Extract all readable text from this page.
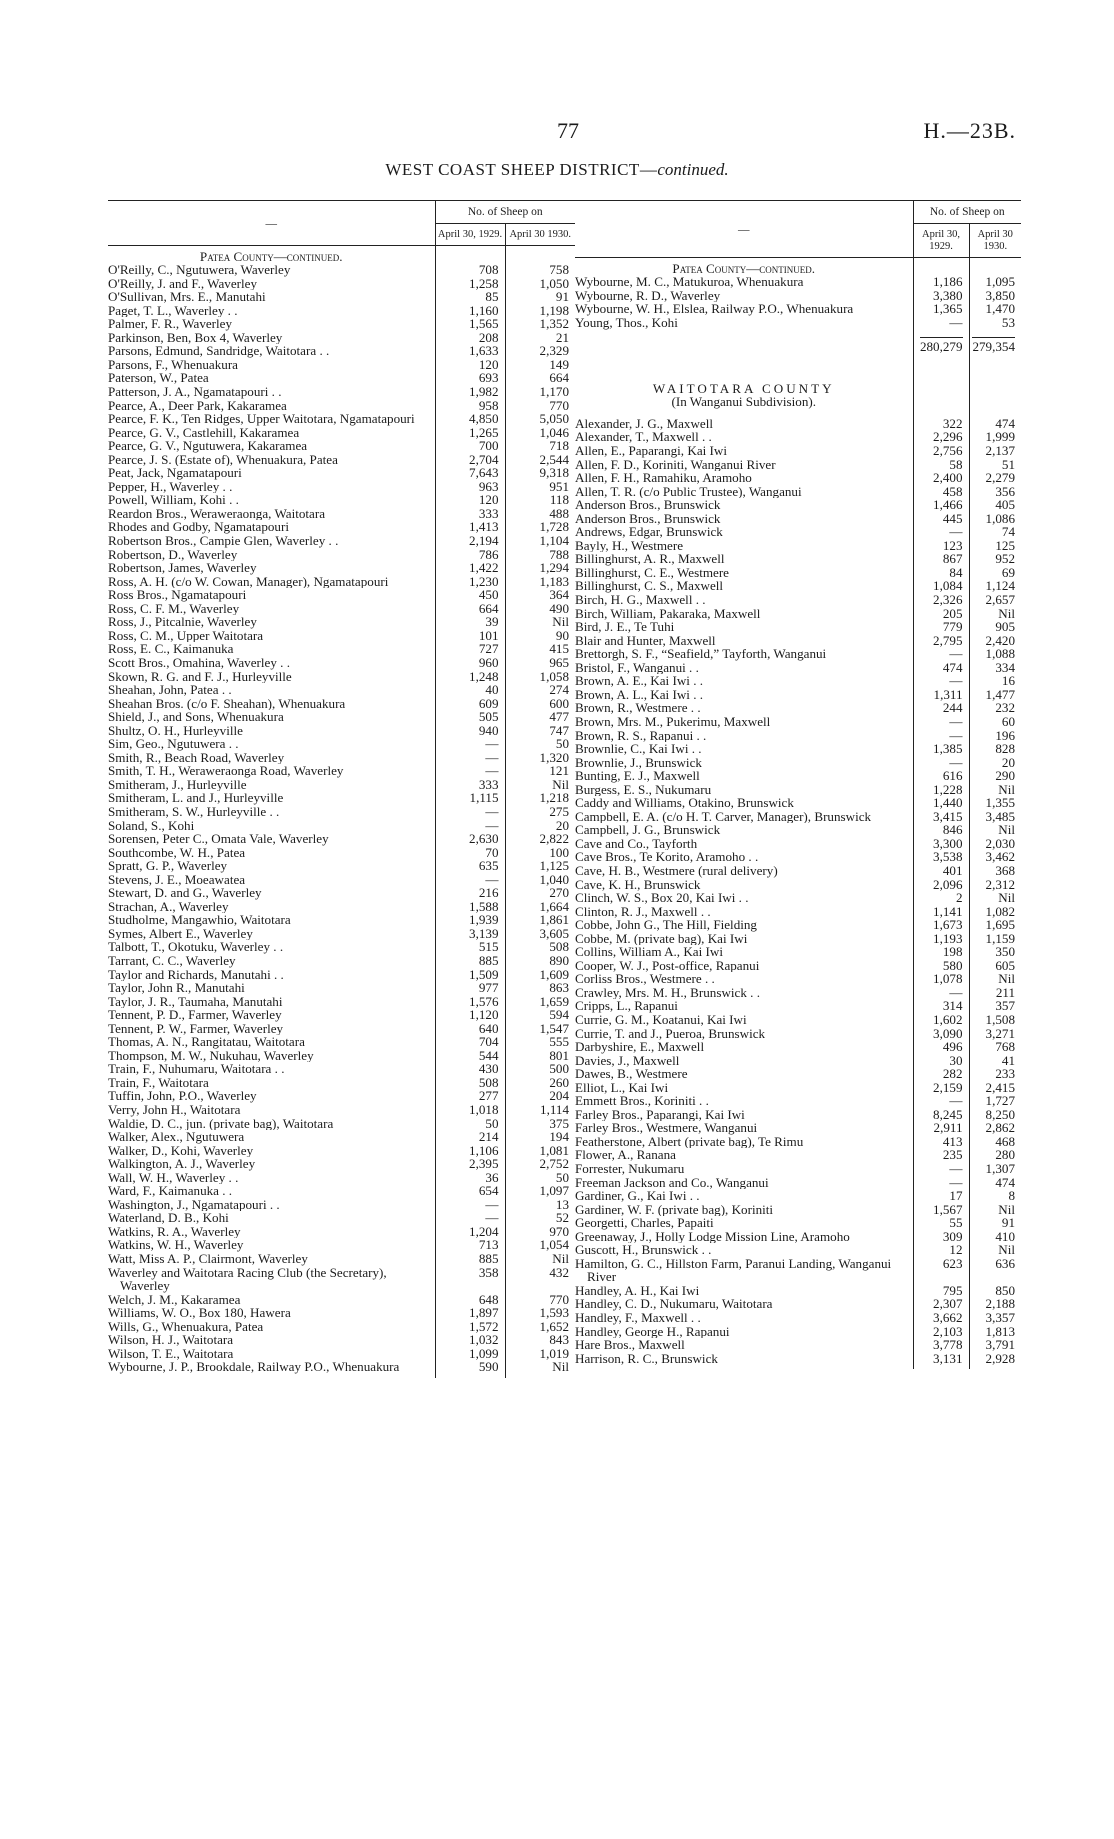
77	H.—23B.
WEST COAST SHEEP DISTRICT—continued.
—	No. of Sheep on	
	April 30, 1929.	April 30 1930.
Patea County—continued.		
O'Reilly, C., Ngutuwera, Waverley	708	758
O'Reilly, J. and F., Waverley	1,258	1,050
O'Sullivan, Mrs. E., Manutahi	85	91
Paget, T. L., Waverley . .	1,160	1,198
Palmer, F. R., Waverley	1,565	1,352
Parkinson, Ben, Box 4, Waverley	208	21
Parsons, Edmund, Sandridge, Waitotara . .	1,633	2,329
Parsons, F., Whenuakura	120	149
Paterson, W., Patea	693	664
Patterson, J. A., Ngamatapouri . .	1,982	1,170
Pearce, A., Deer Park, Kakaramea	958	770
Pearce, F. K., Ten Ridges, Upper Waitotara, Ngamatapouri	4,850	5,050
Pearce, G. V., Castlehill, Kakaramea	1,265	1,046
Pearce, G. V., Ngutuwera, Kakaramea	700	718
Pearce, J. S. (Estate of), Whenuakura, Patea	2,704	2,544
Peat, Jack, Ngamatapouri	7,643	9,318
Pepper, H., Waverley . .	963	951
Powell, William, Kohi . .	120	118
Reardon Bros., Weraweraonga, Waitotara	333	488
Rhodes and Godby, Ngamatapouri	1,413	1,728
Robertson Bros., Campie Glen, Waverley . .	2,194	1,104
Robertson, D., Waverley	786	788
Robertson, James, Waverley	1,422	1,294
Ross, A. H. (c/o W. Cowan, Manager), Ngamatapouri	1,230	1,183
Ross Bros., Ngamatapouri	450	364
Ross, C. F. M., Waverley	664	490
Ross, J., Pitcalnie, Waverley	39	Nil
Ross, C. M., Upper Waitotara	101	90
Ross, E. C., Kaimanuka	727	415
Scott Bros., Omahina, Waverley . .	960	965
Skown, R. G. and F. J., Hurleyville	1,248	1,058
Sheahan, John, Patea . .	40	274
Sheahan Bros. (c/o F. Sheahan), Whenuakura	609	600
Shield, J., and Sons, Whenuakura	505	477
Shultz, O. H., Hurleyville	940	747
Sim, Geo., Ngutuwera . .	—	50
Smith, R., Beach Road, Waverley	—	1,320
Smith, T. H., Weraweraonga Road, Waverley	—	121
Smitheram, J., Hurleyville	333	Nil
Smitheram, L. and J., Hurleyville	1,115	1,218
Smitheram, S. W., Hurleyville . .	—	275
Soland, S., Kohi	—	20
Sorensen, Peter C., Omata Vale, Waverley	2,630	2,822
Southcombe, W. H., Patea	70	100
Spratt, G. P., Waverley	635	1,125
Stevens, J. E., Moeawatea	—	1,040
Stewart, D. and G., Waverley	216	270
Strachan, A., Waverley	1,588	1,664
Studholme, Mangawhio, Waitotara	1,939	1,861
Symes, Albert E., Waverley	3,139	3,605
Talbott, T., Okotuku, Waverley . .	515	508
Tarrant, C. C., Waverley	885	890
Taylor and Richards, Manutahi . .	1,509	1,609
Taylor, John R., Manutahi	977	863
Taylor, J. R., Taumaha, Manutahi	1,576	1,659
Tennent, P. D., Farmer, Waverley	1,120	594
Tennent, P. W., Farmer, Waverley	640	1,547
Thomas, A. N., Rangitatau, Waitotara	704	555
Thompson, M. W., Nukuhau, Waverley	544	801
Train, F., Nuhumaru, Waitotara . .	430	500
Train, F., Waitotara	508	260
Tuffin, John, P.O., Waverley	277	204
Verry, John H., Waitotara	1,018	1,114
Waldie, D. C., jun. (private bag), Waitotara	50	375
Walker, Alex., Ngutuwera	214	194
Walker, D., Kohi, Waverley	1,106	1,081
Walkington, A. J., Waverley	2,395	2,752
Wall, W. H., Waverley . .	36	50
Ward, F., Kaimanuka . .	654	1,097
Washington, J., Ngamatapouri . .	—	13
Waterland, D. B., Kohi	—	52
Watkins, R. A., Waverley	1,204	970
Watkins, W. H., Waverley	713	1,054
Watt, Miss A. P., Clairmont, Waverley	885	Nil
Waverley and Waitotara Racing Club (the Secretary), Waverley	358	432
Welch, J. M., Kakaramea	648	770
Williams, W. O., Box 180, Hawera	1,897	1,593
Wills, G., Whenuakura, Patea	1,572	1,652
Wilson, H. J., Waitotara	1,032	843
Wilson, T. E., Waitotara	1,099	1,019
Wybourne, J. P., Brookdale, Railway P.O., Whenuakura	590	Nil
—	No. of Sheep on	
	April 30, 1929.	April 30 1930.
Patea County—continued.		
Wybourne, M. C., Matukuroa, Whenuakura	1,186	1,095
Wybourne, R. D., Waverley	3,380	3,850
Wybourne, W. H., Elslea, Railway P.O., Whenuakura	1,365	1,470
Young, Thos., Kohi	—	53
	280,279	279,354

WAITOTARA COUNTY		
(In Wanganui Subdivision).		
Alexander, J. G., Maxwell	322	474
Alexander, T., Maxwell . .	2,296	1,999
Allen, E., Paparangi, Kai Iwi	2,756	2,137
Allen, F. D., Koriniti, Wanganui River	58	51
Allen, F. H., Ramahiku, Aramoho	2,400	2,279
Allen, T. R. (c/o Public Trustee), Wanganui	458	356
Anderson Bros., Brunswick	1,466	405
Anderson Bros., Brunswick	445	1,086
Andrews, Edgar, Brunswick	—	74
Bayly, H., Westmere	123	125
Billinghurst, A. R., Maxwell	867	952
Billinghurst, C. E., Westmere	84	69
Billinghurst, C. S., Maxwell	1,084	1,124
Birch, H. G., Maxwell . .	2,326	2,657
Birch, William, Pakaraka, Maxwell	205	Nil
Bird, J. E., Te Tuhi	779	905
Blair and Hunter, Maxwell	2,795	2,420
Brettorgh, S. F., “Seafield,” Tayforth, Wanganui	—	1,088
Bristol, F., Wanganui . .	474	334
Brown, A. E., Kai Iwi . .	—	16
Brown, A. L., Kai Iwi . .	1,311	1,477
Brown, R., Westmere . .	244	232
Brown, Mrs. M., Pukerimu, Maxwell	—	60
Brown, R. S., Rapanui . .	—	196
Brownlie, C., Kai Iwi . .	1,385	828
Brownlie, J., Brunswick	—	20
Bunting, E. J., Maxwell	616	290
Burgess, E. S., Nukumaru	1,228	Nil
Caddy and Williams, Otakino, Brunswick	1,440	1,355
Campbell, E. A. (c/o H. T. Carver, Manager), Brunswick	3,415	3,485
Campbell, J. G., Brunswick	846	Nil
Cave and Co., Tayforth	3,300	2,030
Cave Bros., Te Korito, Aramoho . .	3,538	3,462
Cave, H. B., Westmere (rural delivery)	401	368
Cave, K. H., Brunswick	2,096	2,312
Clinch, W. S., Box 20, Kai Iwi . .	2	Nil
Clinton, R. J., Maxwell . .	1,141	1,082
Cobbe, John G., The Hill, Fielding	1,673	1,695
Cobbe, M. (private bag), Kai Iwi	1,193	1,159
Collins, William A., Kai Iwi	198	350
Cooper, W. J., Post-office, Rapanui	580	605
Corliss Bros., Westmere . .	1,078	Nil
Crawley, Mrs. M. H., Brunswick . .	—	211
Cripps, L., Rapanui	314	357
Currie, G. M., Koatanui, Kai Iwi	1,602	1,508
Currie, T. and J., Pueroa, Brunswick	3,090	3,271
Darbyshire, E., Maxwell	496	768
Davies, J., Maxwell	30	41
Dawes, B., Westmere	282	233
Elliot, L., Kai Iwi	2,159	2,415
Emmett Bros., Koriniti . .	—	1,727
Farley Bros., Paparangi, Kai Iwi	8,245	8,250
Farley Bros., Westmere, Wanganui	2,911	2,862
Featherstone, Albert (private bag), Te Rimu	413	468
Flower, A., Ranana	235	280
Forrester, Nukumaru	—	1,307
Freeman Jackson and Co., Wanganui	—	474
Gardiner, G., Kai Iwi . .	17	8
Gardiner, W. F. (private bag), Koriniti	1,567	Nil
Georgetti, Charles, Papaiti	55	91
Greenaway, J., Holly Lodge Mission Line, Aramoho	309	410
Guscott, H., Brunswick . .	12	Nil
Hamilton, G. C., Hillston Farm, Paranui Landing, Wanganui River	623	636
Handley, A. H., Kai Iwi	795	850
Handley, C. D., Nukumaru, Waitotara	2,307	2,188
Handley, F., Maxwell . .	3,662	3,357
Handley, George H., Rapanui	2,103	1,813
Hare Bros., Maxwell	3,778	3,791
Harrison, R. C., Brunswick	3,131	2,928
